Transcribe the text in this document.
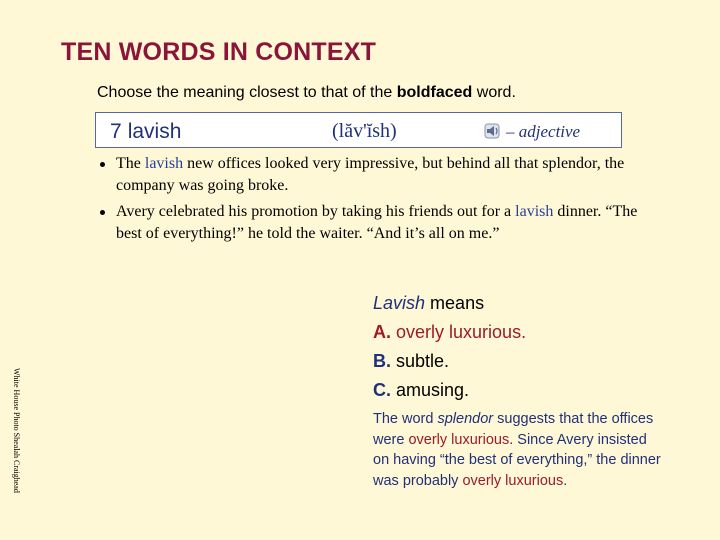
TEN WORDS IN CONTEXT
Choose the meaning closest to that of the boldfaced word.
7 lavish	(lăv'ĭsh)	– adjective
The lavish new offices looked very impressive, but behind all that splendor, the company was going broke.
Avery celebrated his promotion by taking his friends out for a lavish dinner. “The best of everything!” he told the waiter. “And it’s all on me.”
Lavish means
A. overly luxurious.
B. subtle.
C. amusing.
The word splendor suggests that the offices were overly luxurious. Since Avery insisted on having “the best of everything,” the dinner was probably overly luxurious.
White House Photo Shealah Craighead
